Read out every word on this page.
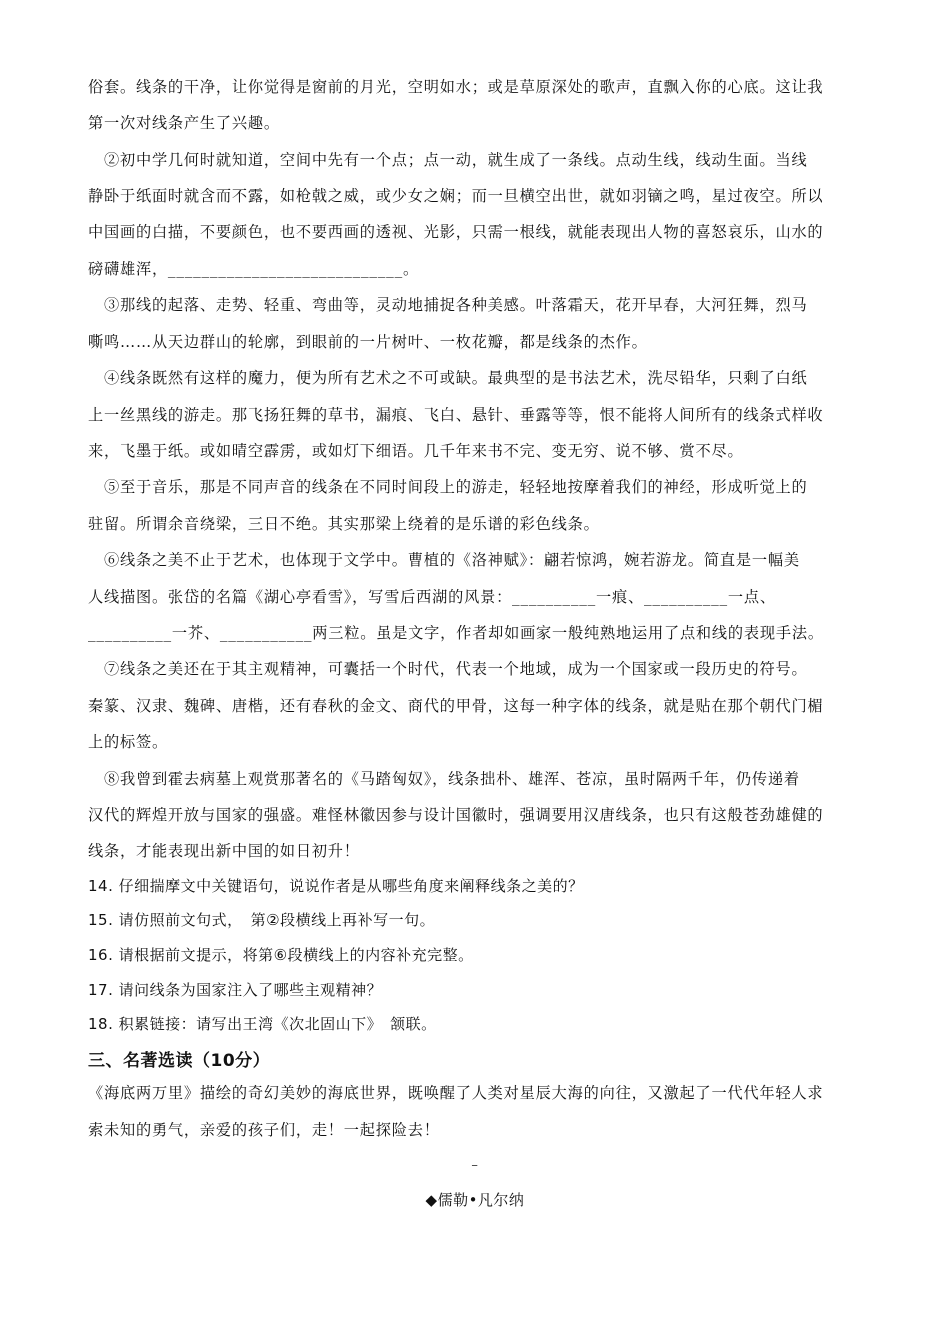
俗套。线条的干净，让你觉得是窗前的月光，空明如水；或是草原深处的歌声，直飘入你的心底。这让我
第一次对线条产生了兴趣。
　②初中学几何时就知道，空间中先有一个点；点一动，就生成了一条线。点动生线，线动生面。当线
静卧于纸面时就含而不露，如枪戟之威，或少女之娴；而一旦横空出世，就如羽镝之鸣，星过夜空。所以
中国画的白描，不要颜色，也不要西画的透视、光影，只需一根线，就能表现出人物的喜怒哀乐，山水的
磅礴雄浑，____________________________。
　③那线的起落、走势、轻重、弯曲等，灵动地捕捉各种美感。叶落霜天，花开早春，大河狂舞，烈马
嘶鸣……从天边群山的轮廓，到眼前的一片树叶、一枚花瓣，都是线条的杰作。
　④线条既然有这样的魔力，便为所有艺术之不可或缺。最典型的是书法艺术，洗尽铅华，只剩了白纸
上一丝黑线的游走。那飞扬狂舞的草书，漏痕、飞白、悬针、垂露等等，恨不能将人间所有的线条式样收
来，飞墨于纸。或如晴空霹雳，或如灯下细语。几千年来书不完、变无穷、说不够、赏不尽。
　⑤至于音乐，那是不同声音的线条在不同时间段上的游走，轻轻地按摩着我们的神经，形成听觉上的
驻留。所谓余音绕梁，三日不绝。其实那梁上绕着的是乐谱的彩色线条。
　⑥线条之美不止于艺术，也体现于文学中。曹植的《洛神赋》：翩若惊鸿，婉若游龙。简直是一幅美
人线描图。张岱的名篇《湖心亭看雪》，写雪后西湖的风景：__________一痕、__________一点、
__________一芥、___________两三粒。虽是文字，作者却如画家一般纯熟地运用了点和线的表现手法。
　⑦线条之美还在于其主观精神，可囊括一个时代，代表一个地域，成为一个国家或一段历史的符号。
秦篆、汉隶、魏碑、唐楷，还有春秋的金文、商代的甲骨，这每一种字体的线条，就是贴在那个朝代门楣
上的标签。
　⑧我曾到霍去病墓上观赏那著名的《马踏匈奴》，线条拙朴、雄浑、苍凉，虽时隔两千年，仍传递着
汉代的辉煌开放与国家的强盛。难怪林徽因参与设计国徽时，强调要用汉唐线条，也只有这般苍劲雄健的
线条，才能表现出新中国的如日初升！
14. 仔细揣摩文中关键语句，说说作者是从哪些角度来阐释线条之美的？
15. 请仿照前文句式，　第②段横线上再补写一句。
16. 请根据前文提示，将第⑥段横线上的内容补充完整。
17. 请问线条为国家注入了哪些主观精神？
18. 积累链接：请写出王湾《次北固山下》　颔联。
三、名著选读（10分）
《海底两万里》描绘的奇幻美妙的海底世界，既唤醒了人类对星辰大海的向往，又激起了一代代年轻人求
索未知的勇气，亲爱的孩子们，走！一起探险去！
–
◆儒勒•凡尔纳
